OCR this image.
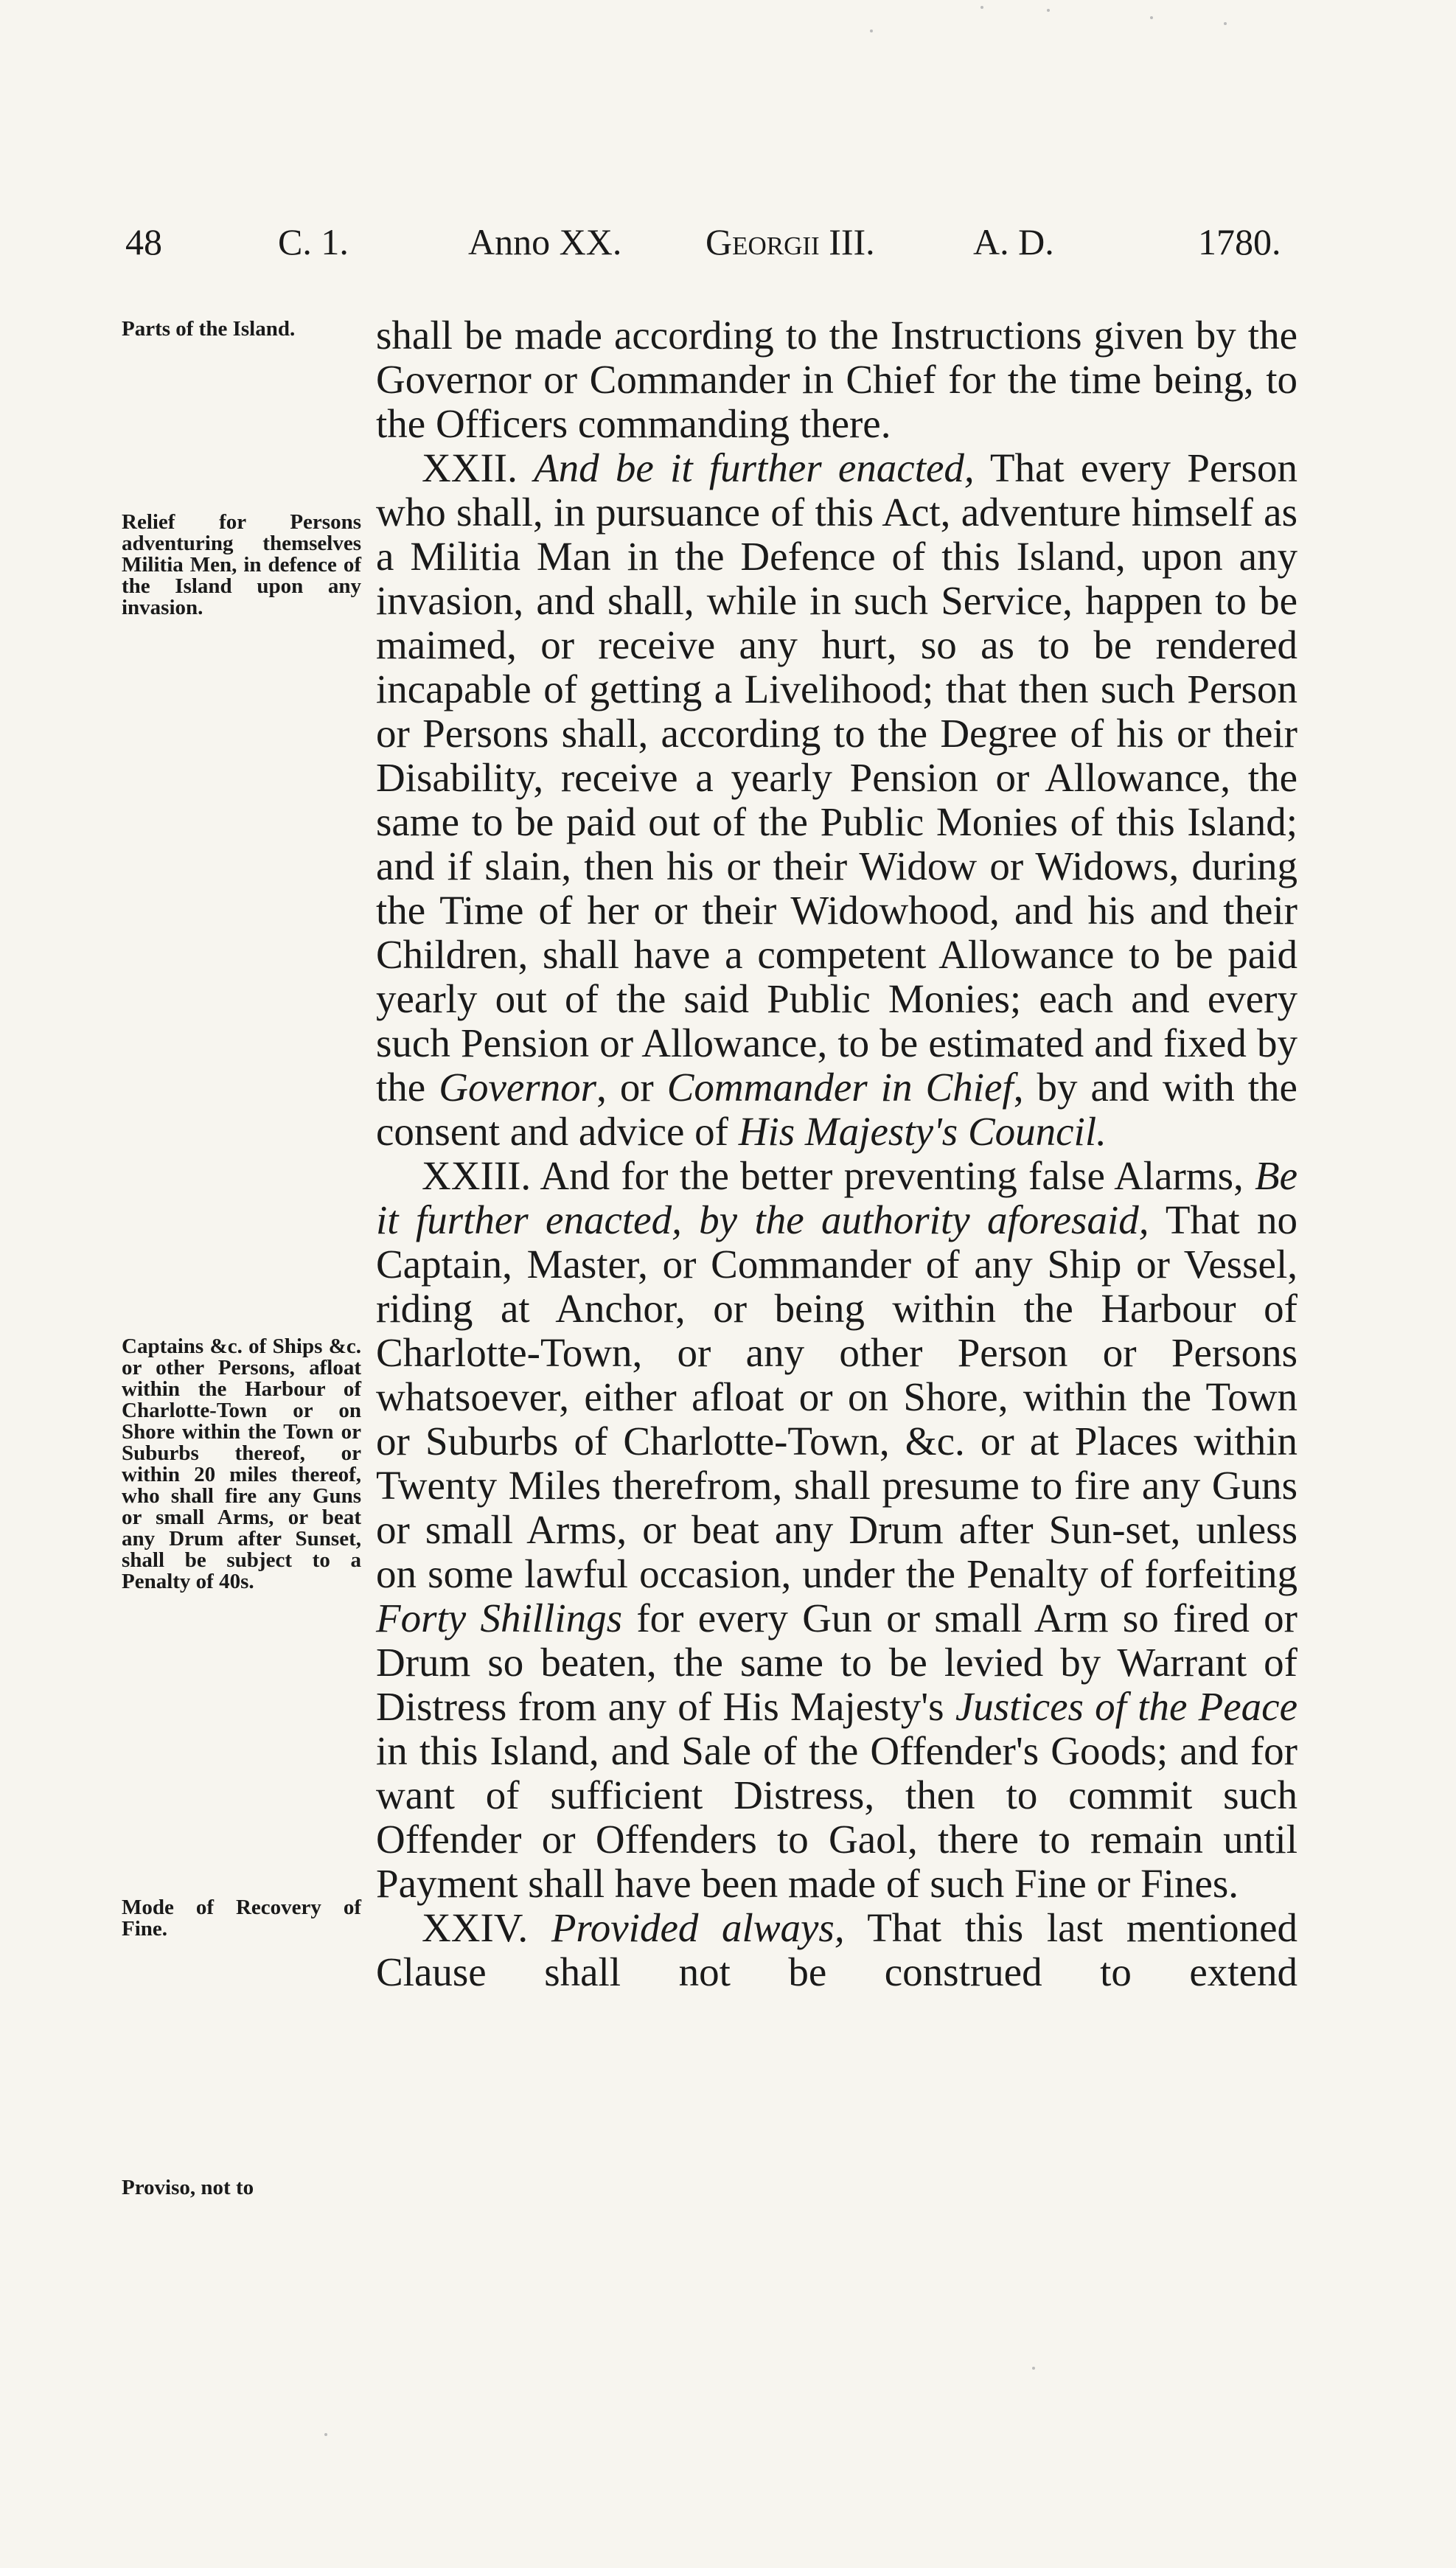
48	C. 1.	Anno XX. Georgii III.	A. D.	1780.
Parts of the Island.
Relief for Persons adventuring themselves Militia Men, in defence of the Island upon any invasion.
Captains &c. of Ships &c. or other Persons, afloat within the Harbour of Charlotte-Town or on Shore within the Town or Suburbs thereof, or within 20 miles thereof, who shall fire any Guns or small Arms, or beat any Drum after Sunset, shall be subject to a Penalty of 40s.
Mode of Recovery of Fine.
Proviso, not to

shall be made according to the Instructions given by the Governor or Commander in Chief for the time being, to the Officers commanding there.

XXII. And be it further enacted, That every Person who shall, in pursuance of this Act, adventure himself as a Militia Man in the Defence of this Island, upon any invasion, and shall, while in such Service, happen to be maimed, or receive any hurt, so as to be rendered incapable of getting a Livelihood; that then such Person or Persons shall, according to the Degree of his or their Disability, receive a yearly Pension or Allowance, the same to be paid out of the Public Monies of this Island; and if slain, then his or their Widow or Widows, during the Time of her or their Widowhood, and his and their Children, shall have a competent Allowance to be paid yearly out of the said Public Monies; each and every such Pension or Allowance, to be estimated and fixed by the Governor, or Commander in Chief, by and with the consent and advice of His Majesty's Council.

XXIII. And for the better preventing false Alarms, Be it further enacted, by the authority aforesaid, That no Captain, Master, or Commander of any Ship or Vessel, riding at Anchor, or being within the Harbour of Charlotte-Town, or any other Person or Persons whatsoever, either afloat or on Shore, within the Town or Suburbs of Charlotte-Town, &c. or at Places within Twenty Miles therefrom, shall presume to fire any Guns or small Arms, or beat any Drum after Sun-set, unless on some lawful occasion, under the Penalty of forfeiting Forty Shillings for every Gun or small Arm so fired or Drum so beaten, the same to be levied by Warrant of Distress from any of His Majesty's Justices of the Peace in this Island, and Sale of the Offender's Goods; and for want of sufficient Distress, then to commit such Offender or Offenders to Gaol, there to remain until Payment shall have been made of such Fine or Fines.

XXIV. Provided always, That this last mentioned Clause shall not be construed to extend
